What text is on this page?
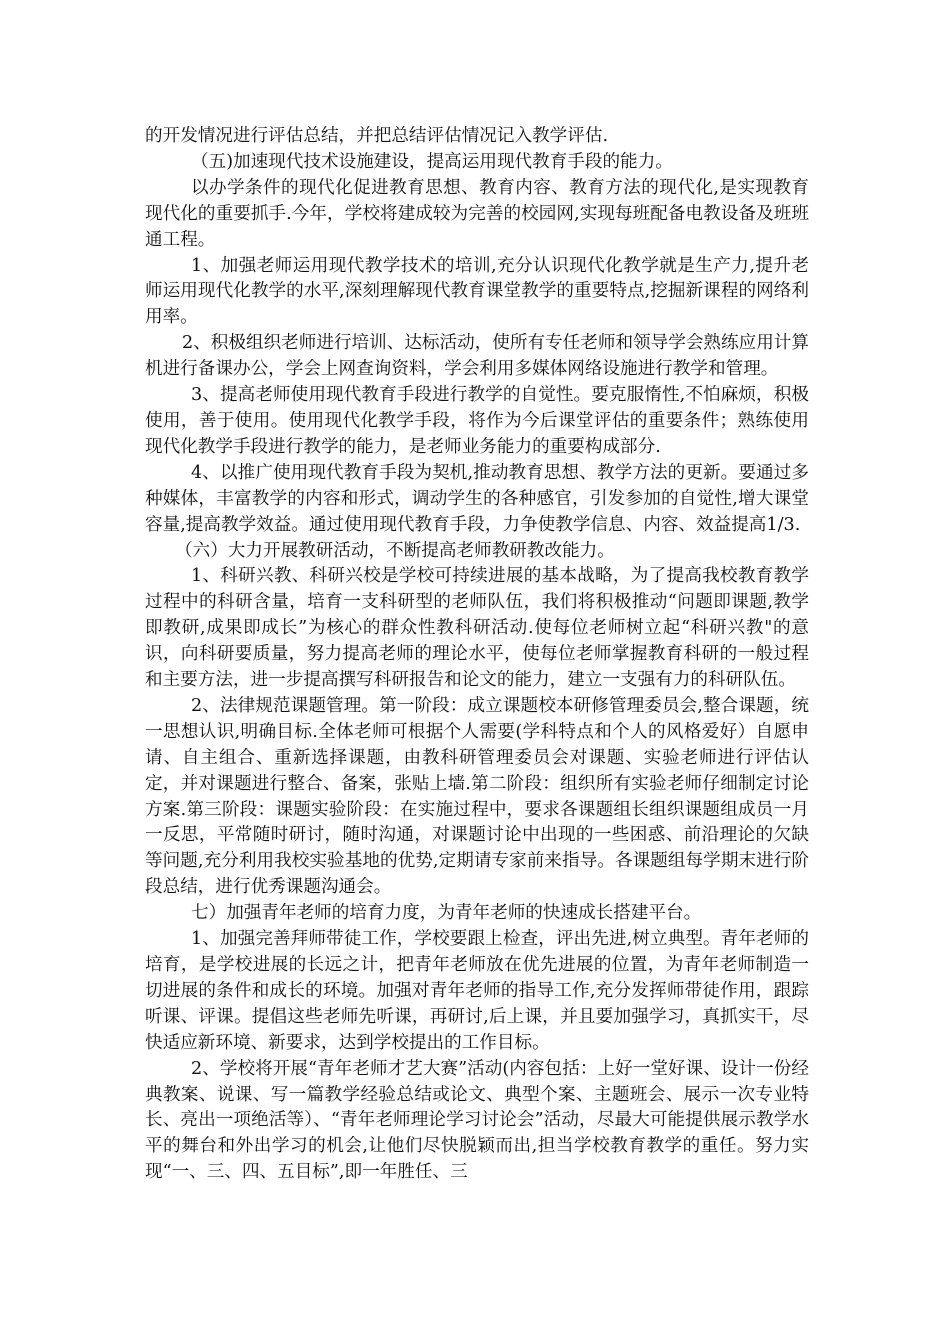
的开发情况进行评估总结，并把总结评估情况记入教学评估.

（五)加速现代技术设施建设，提高运用现代教育手段的能力。

以办学条件的现代化促进教育思想、教育内容、教育方法的现代化,是实现教育现代化的重要抓手.今年，学校将建成较为完善的校园网,实现每班配备电教设备及班班通工程。

1、加强老师运用现代教学技术的培训,充分认识现代化教学就是生产力,提升老师运用现代化教学的水平,深刻理解现代教育课堂教学的重要特点,挖掘新课程的网络利用率。

2、积极组织老师进行培训、达标活动，使所有专任老师和领导学会熟练应用计算机进行备课办公，学会上网查询资料，学会利用多媒体网络设施进行教学和管理。

3、提高老师使用现代教育手段进行教学的自觉性。要克服惰性,不怕麻烦，积极使用，善于使用。使用现代化教学手段，将作为今后课堂评估的重要条件；熟练使用现代化教学手段进行教学的能力，是老师业务能力的重要构成部分.

4、以推广使用现代教育手段为契机,推动教育思想、教学方法的更新。要通过多种媒体，丰富教学的内容和形式，调动学生的各种感官，引发参加的自觉性,增大课堂容量,提高教学效益。通过使用现代教育手段，力争使教学信息、内容、效益提高1/3.

（六）大力开展教研活动，不断提高老师教研教改能力。

1、科研兴教、科研兴校是学校可持续进展的基本战略，为了提高我校教育教学过程中的科研含量，培育一支科研型的老师队伍，我们将积极推动“问题即课题,教学即教研,成果即成长”为核心的群众性教科研活动.使每位老师树立起“科研兴教"的意识，向科研要质量，努力提高老师的理论水平，使每位老师掌握教育科研的一般过程和主要方法，进一步提高撰写科研报告和论文的能力，建立一支强有力的科研队伍。

2、法律规范课题管理。第一阶段：成立课题校本研修管理委员会,整合课题，统一思想认识,明确目标.全体老师可根据个人需要(学科特点和个人的风格爱好）自愿申请、自主组合、重新选择课题，由教科研管理委员会对课题、实验老师进行评估认定，并对课题进行整合、备案，张贴上墙.第二阶段：组织所有实验老师仔细制定讨论方案.第三阶段：课题实验阶段：在实施过程中，要求各课题组长组织课题组成员一月一反思，平常随时研讨，随时沟通，对课题讨论中出现的一些困惑、前沿理论的欠缺等问题,充分利用我校实验基地的优势,定期请专家前来指导。各课题组每学期末进行阶段总结，进行优秀课题沟通会。

七）加强青年老师的培育力度，为青年老师的快速成长搭建平台。

1、加强完善拜师带徒工作，学校要跟上检查，评出先进,树立典型。青年老师的培育，是学校进展的长远之计，把青年老师放在优先进展的位置，为青年老师制造一切进展的条件和成长的环境。加强对青年老师的指导工作,充分发挥师带徒作用，跟踪听课、评课。提倡这些老师先听课，再研讨,后上课，并且要加强学习，真抓实干，尽快适应新环境、新要求，达到学校提出的工作目标。

2、学校将开展“青年老师才艺大赛”活动(内容包括：上好一堂好课、设计一份经典教案、说课、写一篇教学经验总结或论文、典型个案、主题班会、展示一次专业特长、亮出一项绝活等）、“青年老师理论学习讨论会”活动，尽最大可能提供展示教学水平的舞台和外出学习的机会,让他们尽快脱颖而出,担当学校教育教学的重任。努力实现“一、三、四、五目标”,即一年胜任、三
